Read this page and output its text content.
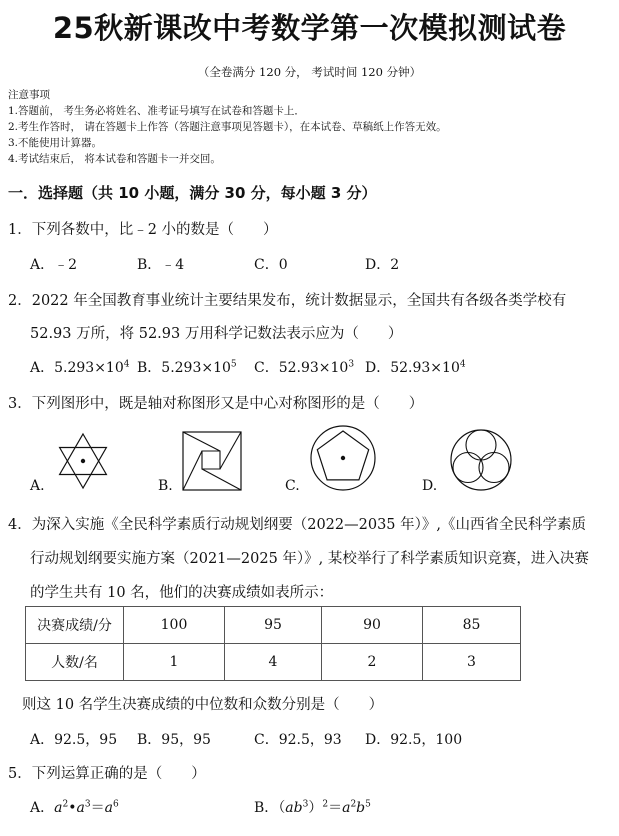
25秋新课改中考数学第一次模拟测试卷
（全卷满分 120 分， 考试时间 120 分钟）
注意事项
1.答题前， 考生务必将姓名、准考证号填写在试卷和答题卡上．
2.考生作答时， 请在答题卡上作答（答题注意事项见答题卡），在本试卷、草稿纸上作答无效。
3.不能使用计算器。
4.考试结束后， 将本试卷和答题卡一并交回。
一．选择题（共 10 小题，满分 30 分，每小题 3 分）
1．下列各数中，比﹣2 小的数是（　　）
A．﹣2	B．﹣4	C．0	D．2
2．2022 年全国教育事业统计主要结果发布，统计数据显示，全国共有各级各类学校有
52.93 万所，将 52.93 万用科学记数法表示应为（　　）
A．$5.293\times 10^4$ B．$5.293\times 10^5$ C．$52.93\times 10^3$ D．$52.93\times 10^4$
3．下列图形中，既是轴对称图形又是中心对称图形的是（　　）
A.	B.	C.	D.
4．为深入实施《全民科学素质行动规划纲要（2022—2035 年）》,《山西省全民科学素质
行动规划纲要实施方案（2021—2025 年）》, 某校举行了科学素质知识竞赛，进入决赛
的学生共有 10 名，他们的决赛成绩如表所示：
决赛成绩/分	100	95	90	85
人数/名	1	4	2	3
则这 10 名学生决赛成绩的中位数和众数分别是（　　）
A．92.5，95 B．95，95	C．92.5，93 D．92.5，100
5．下列运算正确的是（　　）
A．$a^2•a^3=a^6$	B．$(ab^3)^2=a^2b^5$
